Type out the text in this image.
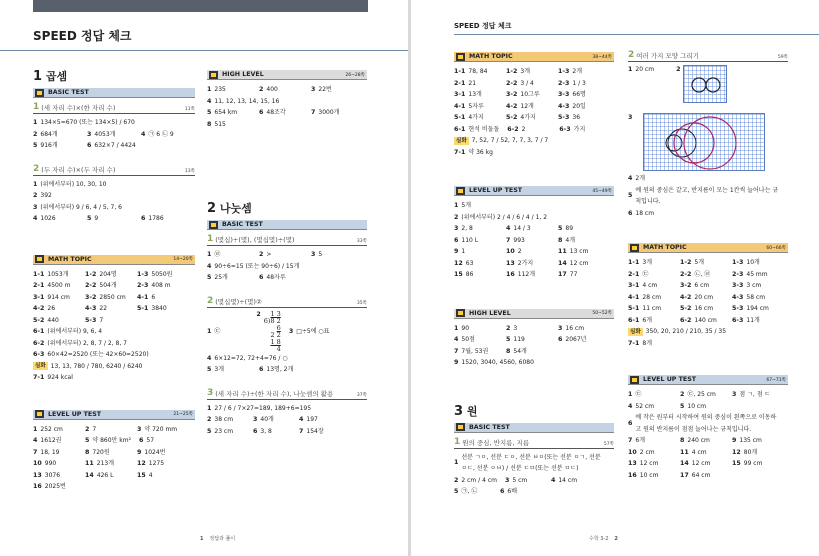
SPEED 정답 체크
1 곱셈
BASIC TEST
1 (세 자리 수)×(한 자리 수)	11쪽
1 134×5=670 (또는 134×5) / 670
2 684개	3 4053개	4 ㉠ 6 ㉡ 9
5 916개	6 632×7 / 4424
2 (두 자리 수)×(두 자리 수)	13쪽
1 (위에서부터) 10, 30, 10
2 392
3 (위에서부터) 9 / 6, 4 / 5, 7, 6
4 1026	5 9	6 1786
MATH TOPIC	14~20쪽
1-1 1053개	1-2 204명	1-3 5050원
2-1 4500 m 2-2 504개	2-3 408 m
3-1 914 cm 3-2 2850 cm 4-1 6
4-2 26	4-3 22	5-1 3840
5-2 440	5-3 7
6-1 (위에서부터) 9, 6, 4
6-2 (위에서부터) 2, 8, 7 / 2, 8, 7
6-3 60×42=2520 (또는 42×60=2520)
심화 13, 13, 780 / 780, 6240 / 6240
7-1 924 kcal
LEVEL UP TEST	21~25쪽
1 252 cm	2 7	3 약 720 mm
4 1612권	5 약 860만 km² 6 57
7 18, 19	8 720원	9 1024번
10 990	11 213개	12 1275
13 3076	14 426 L	15 4
16 2025번
HIGH LEVEL	26~28쪽
1 235	2 400	3 22번
4 11, 12, 13, 14, 15, 16
5 654 km	6 48조각	7 3000개
8 515
2 나눗셈
BASIC TEST
1 (몇십)÷(몇), (몇십몇)÷(몇)	33쪽
1 ㉣	2 >	3 5
4 90÷6=15 (또는 90÷6) / 15개
5 25개	6 48자루
2 (몇십몇)÷(몇)②	35쪽
1 ㉢
2 1 3
6)8 2
6
2 2
1 8
4
3 □÷5에 ○표
4 6×12=72, 72+4=76 / ○
5 3개	6 13명, 2개
3 (세 자리 수)÷(한 자리 수), 나눗셈의 활용	37쪽
1 27 / 6 / 7×27=189, 189+6=195
2 38 cm	3 40개	4 197
5 23 cm	6 3, 8	7 154장
1 정답과 풀이
SPEED 정답 체크
MATH TOPIC	38~44쪽
1-1 78, 84	1-2 3개	1-3 2개
2-1 21	2-2 3 / 4	2-3 1 / 3
3-1 13개	3-2 10그루	3-3 66명
4-1 5자루	4-2 12개	4-3 20일
5-1 4가지	5-2 4가지	5-3 36
6-1 현석 비둘돌 6-2 2	6-3 가지
심화 7, 52, 7 / 52, 7, 7, 3, 7 / 7
7-1 약 36 kg
LEVEL UP TEST	45~49쪽
1 5개
2 (위에서부터) 2 / 4 / 6 / 4 / 1, 2
3 2, 8	4 14 / 3	5 89
6 110 L	7 993	8 4개
9 1	10 2	11 13 cm
12 63	13 2가지	14 12 cm
15 86	16 112개	17 77
HIGH LEVEL	50~52쪽
1 90	2 3	3 16 cm
4 50점	5 119	6 2067년
7 7월, 53권	8 54개
9 1520, 3040, 4560, 6080
3 원
BASIC TEST
1 원의 중심, 반지름, 지름	57쪽
1
선분 ㄱㅇ, 선분 ㄷㅇ, 선분 ㅂㅇ(또는 선분 ㅇㄱ, 선분 ㅇㄷ, 선분 ㅇㅂ) / 선분 ㄷㅁ(또는 선분 ㅁㄷ)
2 2 cm / 4 cm 3 5 cm	4 14 cm
5 ㉠, ㉡	6 6배
2 여러 가지 모양 그리기	59쪽
1 20 cm	2
3
4 2개
5
예 원의 중심은 같고, 반지름이 모는 1칸씩 늘어나는 규칙입니다.
6 18 cm
MATH TOPIC	60~66쪽
1-1 3개	1-2 5개	1-3 10개
2-1 ㉢	2-2 ㉡, ㉣	2-3 45 mm
3-1 4 cm	3-2 6 cm	3-3 3 cm
4-1 28 cm	4-2 20 cm	4-3 58 cm
5-1 11 cm	5-2 16 cm	5-3 194 cm
6-1 6개	6-2 140 cm 6-3 11개
심화 350, 20, 210 / 210, 35 / 35
7-1 8개
LEVEL UP TEST	67~71쪽
1 ㉢	2 ㉢, 25 cm	3 점 ㄱ, 점 ㄷ
4 52 cm	5 10 cm
6
예 작은 원부터 시작하여 원의 중심이 왼쪽으로 이동하고 원의 반지름이 점점 늘어나는 규칙입니다.
7 6개	8 240 cm	9 135 cm
10 2 cm	11 4 cm	12 80개
13 12 cm	14 12 cm	15 99 cm
16 10 cm	17 64 cm
수학 3-2 2
